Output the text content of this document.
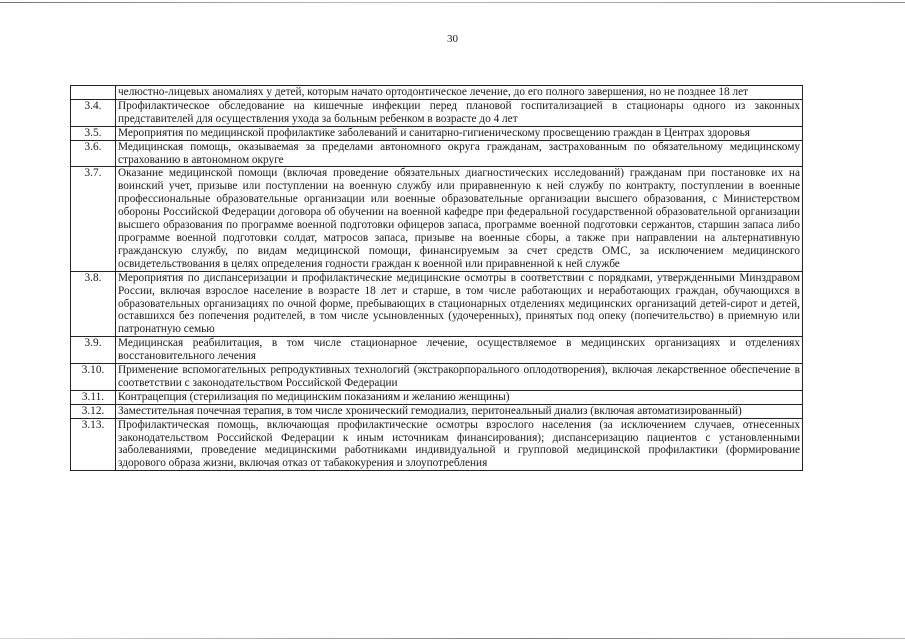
30
	челюстно-лицевых аномалиях у детей, которым начато ортодонтическое лечение, до его полного завершения, но не позднее 18 лет
3.4.	Профилактическое обследование на кишечные инфекции перед плановой госпитализацией в стационары одного из законных представителей для осуществления ухода за больным ребенком в возрасте до 4 лет
3.5.	Мероприятия по медицинской профилактике заболеваний и санитарно-гигиеническому просвещению граждан в Центрах здоровья
3.6.	Медицинская помощь, оказываемая за пределами автономного округа гражданам, застрахованным по обязательному медицинскому страхованию в автономном округе
3.7.	Оказание медицинской помощи (включая проведение обязательных диагностических исследований) гражданам при постановке их на воинский учет, призыве или поступлении на военную службу или приравненную к ней службу по контракту, поступлении в военные профессиональные образовательные организации или военные образовательные организации высшего образования, с Министерством обороны Российской Федерации договора об обучении на военной кафедре при федеральной государственной образовательной организации высшего образования по программе военной подготовки офицеров запаса, программе военной подготовки сержантов, старшин запаса либо программе военной подготовки солдат, матросов запаса, призыве на военные сборы, а также при направлении на альтернативную гражданскую службу, по видам медицинской помощи, финансируемым за счет средств ОМС, за исключением медицинского освидетельствования в целях определения годности граждан к военной или приравненной к ней службе
3.8.	Мероприятия по диспансеризации и профилактические медицинские осмотры в соответствии с порядками, утвержденными Минздравом России, включая взрослое население в возрасте 18 лет и старше, в том числе работающих и неработающих граждан, обучающихся в образовательных организациях по очной форме, пребывающих в стационарных отделениях медицинских организаций детей-сирот и детей, оставшихся без попечения родителей, в том числе усыновленных (удочеренных), принятых под опеку (попечительство) в приемную или патронатную семью
3.9.	Медицинская реабилитация, в том числе стационарное лечение, осуществляемое в медицинских организациях и отделениях восстановительного лечения
3.10.	Применение вспомогательных репродуктивных технологий (экстракорпорального оплодотворения), включая лекарственное обеспечение в соответствии с законодательством Российской Федерации
3.11.	Контрацепция (стерилизация по медицинским показаниям и желанию женщины)
3.12.	Заместительная почечная терапия, в том числе хронический гемодиализ, перитонеальный диализ (включая автоматизированный)
3.13.	Профилактическая помощь, включающая профилактические осмотры взрослого населения (за исключением случаев, отнесенных законодательством Российской Федерации к иным источникам финансирования); диспансеризацию пациентов с установленными заболеваниями, проведение медицинскими работниками индивидуальной и групповой медицинской профилактики (формирование здорового образа жизни, включая отказ от табакокурения и злоупотребления
